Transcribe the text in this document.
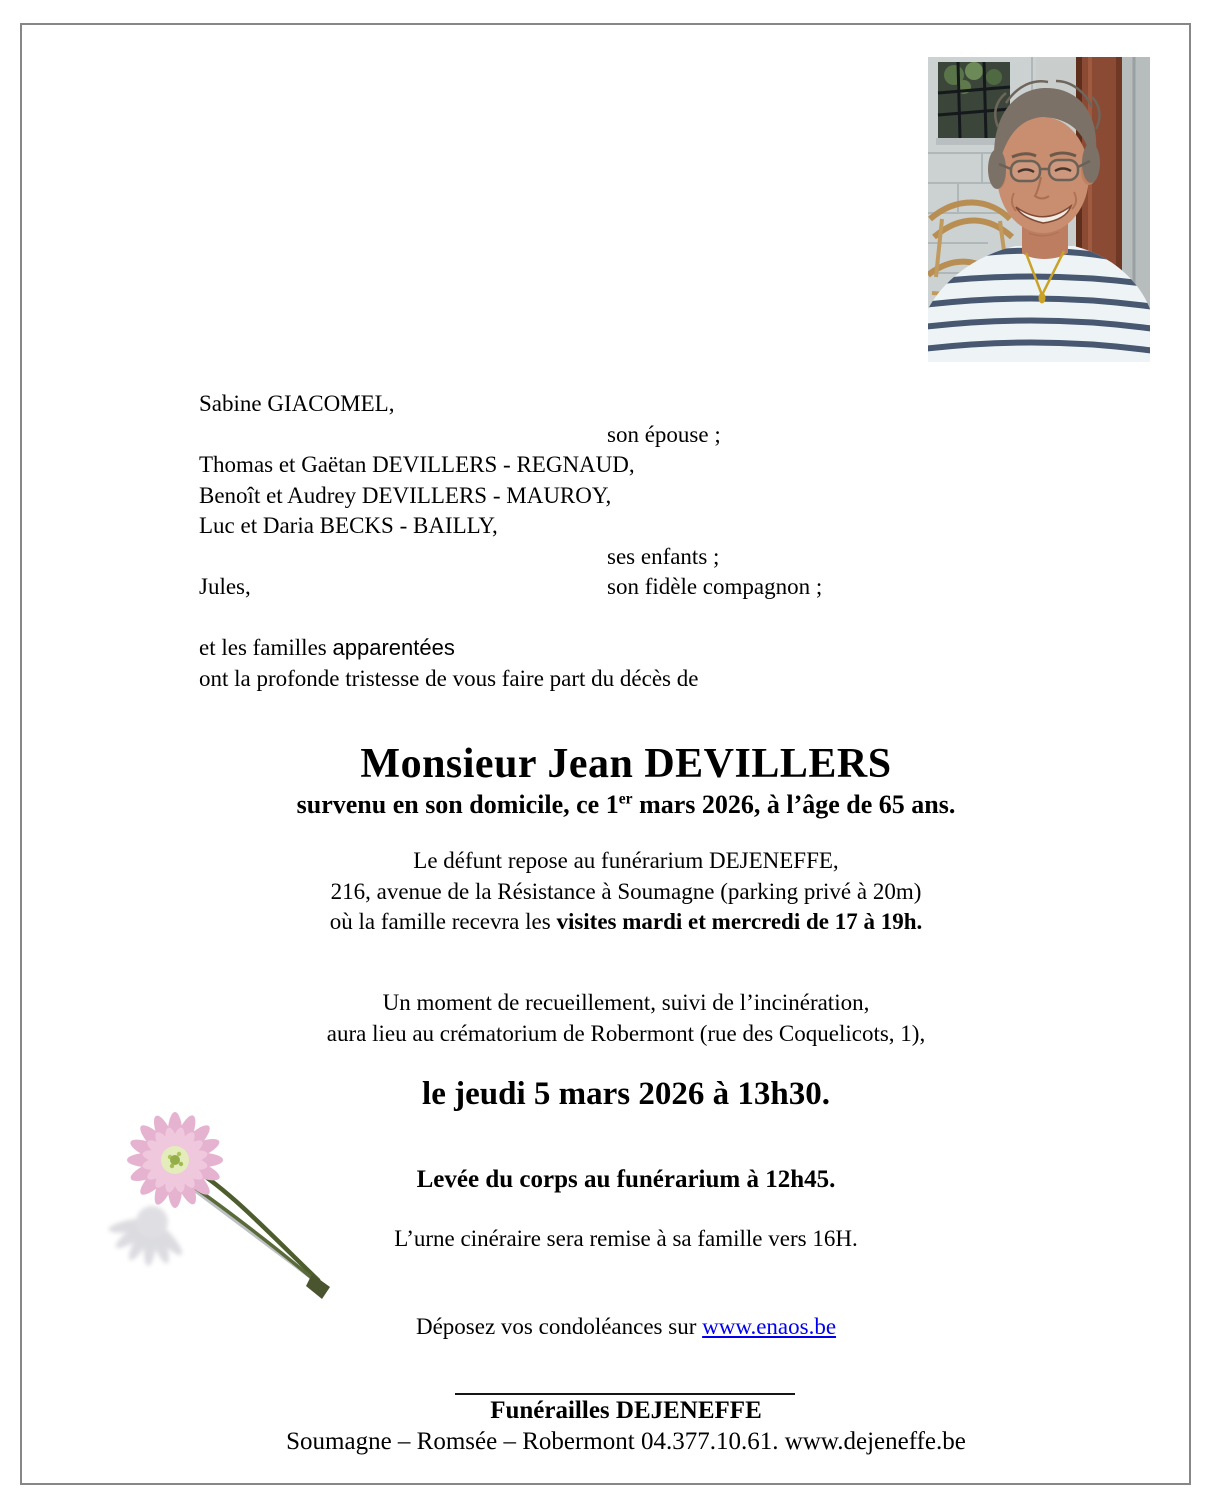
Sabine GIACOMEL,
son épouse ;
Thomas et Gaëtan DEVILLERS - REGNAUD,
Benoît et Audrey DEVILLERS - MAUROY,
Luc et Daria BECKS - BAILLY,
ses enfants ;
Jules,	son fidèle compagnon ;
et les familles apparentées
ont la profonde tristesse de vous faire part du décès de
Monsieur Jean DEVILLERS
survenu en son domicile, ce 1er mars 2026, à l’âge de 65 ans.
Le défunt repose au funérarium DEJENEFFE,
216, avenue de la Résistance à Soumagne (parking privé à 20m)
où la famille recevra les visites mardi et mercredi de 17 à 19h.
Un moment de recueillement, suivi de l’incinération,
aura lieu au crématorium de Robermont (rue des Coquelicots, 1),
le jeudi 5 mars 2026 à 13h30.
Levée du corps au funérarium à 12h45.
L’urne cinéraire sera remise à sa famille vers 16H.
Déposez vos condoléances sur www.enaos.be
Funérailles DEJENEFFE
Soumagne – Romsée – Robermont 04.377.10.61. www.dejeneffe.be
